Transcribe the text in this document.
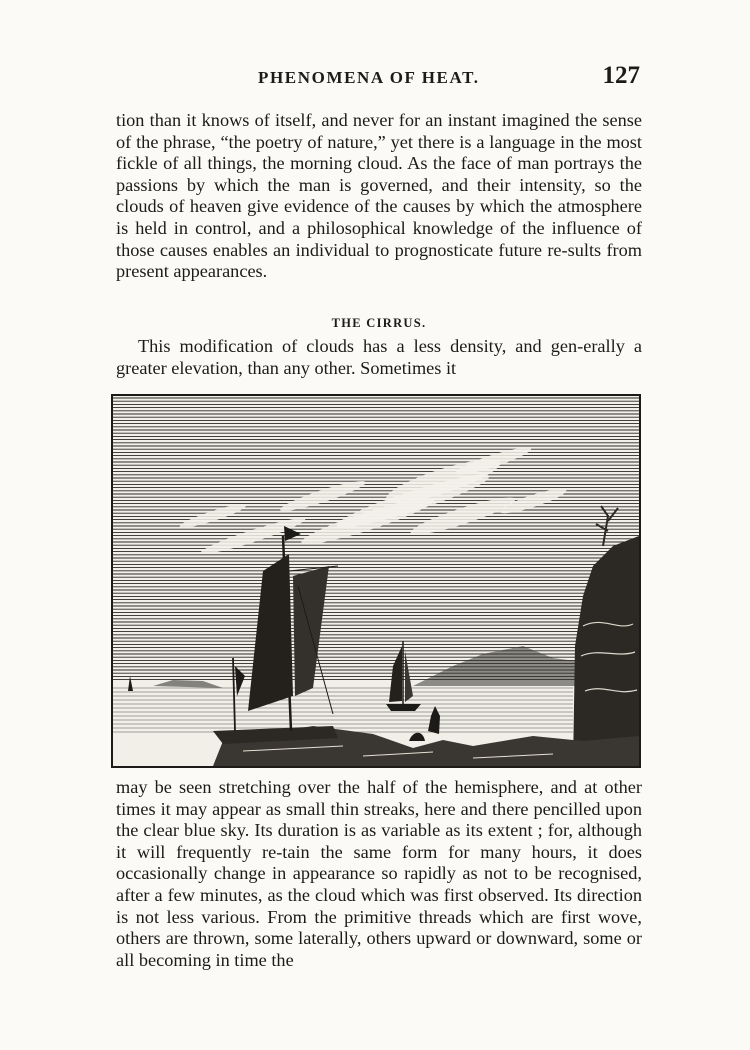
PHENOMENA OF HEAT.	127

tion than it knows of itself, and never for an instant imagined the sense of the phrase, “the poetry of nature,” yet there is a language in the most fickle of all things, the morning cloud. As the face of man portrays the passions by which the man is governed, and their intensity, so the clouds of heaven give evidence of the causes by which the atmosphere is held in control, and a philosophical knowledge of the influence of those causes enables an individual to prognosticate future re-sults from present appearances.

THE CIRRUS.

This modification of clouds has a less density, and gen-erally a greater elevation, than any other. Sometimes it

may be seen stretching over the half of the hemisphere, and at other times it may appear as small thin streaks, here and there pencilled upon the clear blue sky. Its duration is as variable as its extent ; for, although it will frequently re-tain the same form for many hours, it does occasionally change in appearance so rapidly as not to be recognised, after a few minutes, as the cloud which was first observed. Its direction is not less various. From the primitive threads which are first wove, others are thrown, some laterally, others upward or downward, some or all becoming in time the
